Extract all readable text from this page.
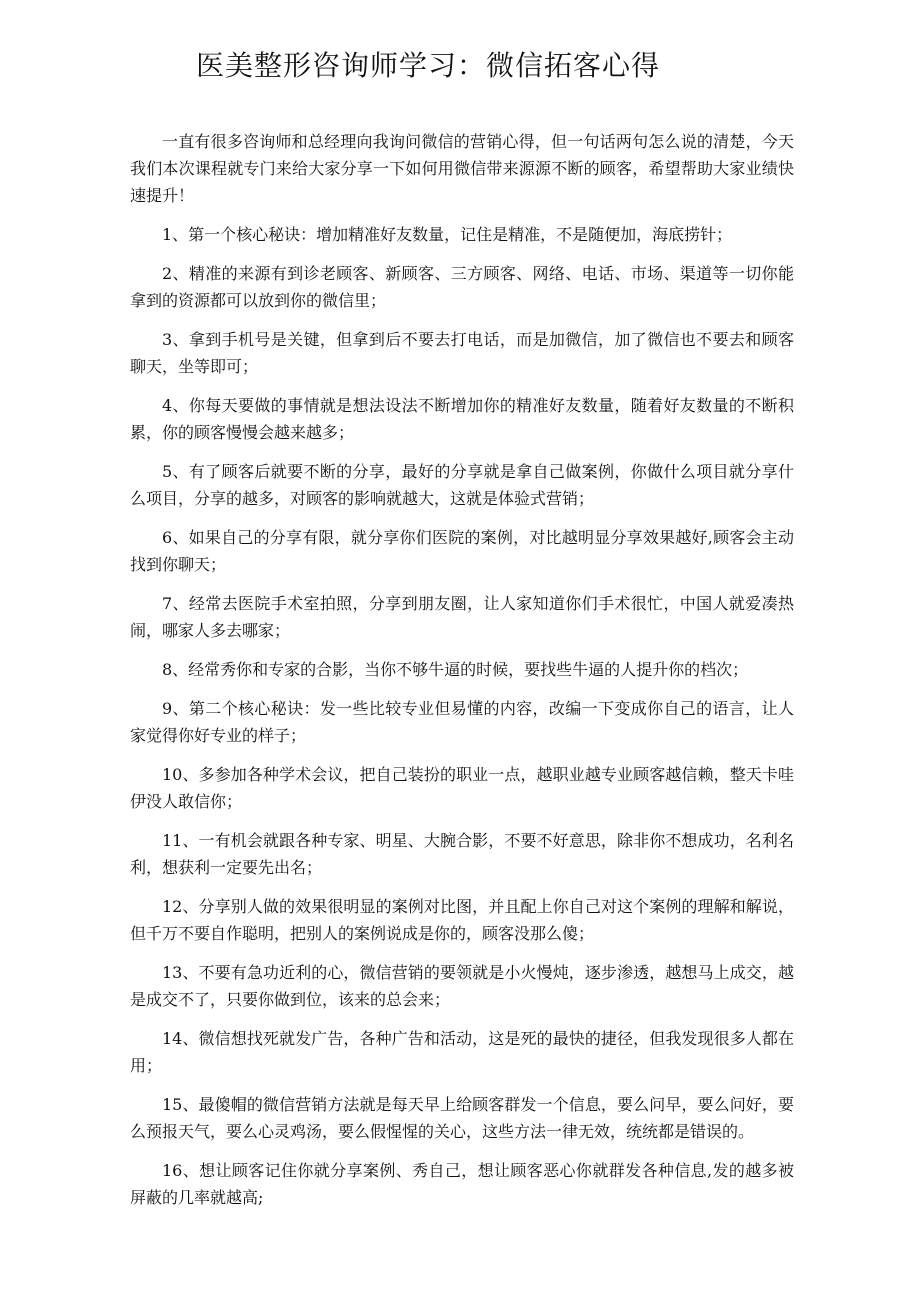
医美整形咨询师学习：微信拓客心得

一直有很多咨询师和总经理向我询问微信的营销心得，但一句话两句怎么说的清楚，今天我们本次课程就专门来给大家分享一下如何用微信带来源源不断的顾客，希望帮助大家业绩快速提升！

1、第一个核心秘诀：增加精准好友数量，记住是精准，不是随便加，海底捞针；

2、精准的来源有到诊老顾客、新顾客、三方顾客、网络、电话、市场、渠道等一切你能拿到的资源都可以放到你的微信里；

3、拿到手机号是关键，但拿到后不要去打电话，而是加微信，加了微信也不要去和顾客聊天，坐等即可；

4、你每天要做的事情就是想法设法不断增加你的精准好友数量，随着好友数量的不断积累，你的顾客慢慢会越来越多；

5、有了顾客后就要不断的分享，最好的分享就是拿自己做案例，你做什么项目就分享什么项目，分享的越多，对顾客的影响就越大，这就是体验式营销；

6、如果自己的分享有限，就分享你们医院的案例，对比越明显分享效果越好,顾客会主动找到你聊天；

7、经常去医院手术室拍照，分享到朋友圈，让人家知道你们手术很忙，中国人就爱凑热闹，哪家人多去哪家；

8、经常秀你和专家的合影，当你不够牛逼的时候，要找些牛逼的人提升你的档次；

9、第二个核心秘诀：发一些比较专业但易懂的内容，改编一下变成你自己的语言，让人家觉得你好专业的样子；

10、多参加各种学术会议，把自己装扮的职业一点，越职业越专业顾客越信赖，整天卡哇伊没人敢信你；

11、一有机会就跟各种专家、明星、大腕合影，不要不好意思，除非你不想成功，名利名利，想获利一定要先出名；

12、分享别人做的效果很明显的案例对比图，并且配上你自己对这个案例的理解和解说，但千万不要自作聪明，把别人的案例说成是你的，顾客没那么傻；

13、不要有急功近利的心，微信营销的要领就是小火慢炖，逐步渗透，越想马上成交，越是成交不了，只要你做到位，该来的总会来；

14、微信想找死就发广告，各种广告和活动，这是死的最快的捷径，但我发现很多人都在用；

15、最傻帽的微信营销方法就是每天早上给顾客群发一个信息，要么问早，要么问好，要么预报天气，要么心灵鸡汤，要么假惺惺的关心，这些方法一律无效，统统都是错误的。

16、想让顾客记住你就分享案例、秀自己，想让顾客恶心你就群发各种信息,发的越多被屏蔽的几率就越高;
